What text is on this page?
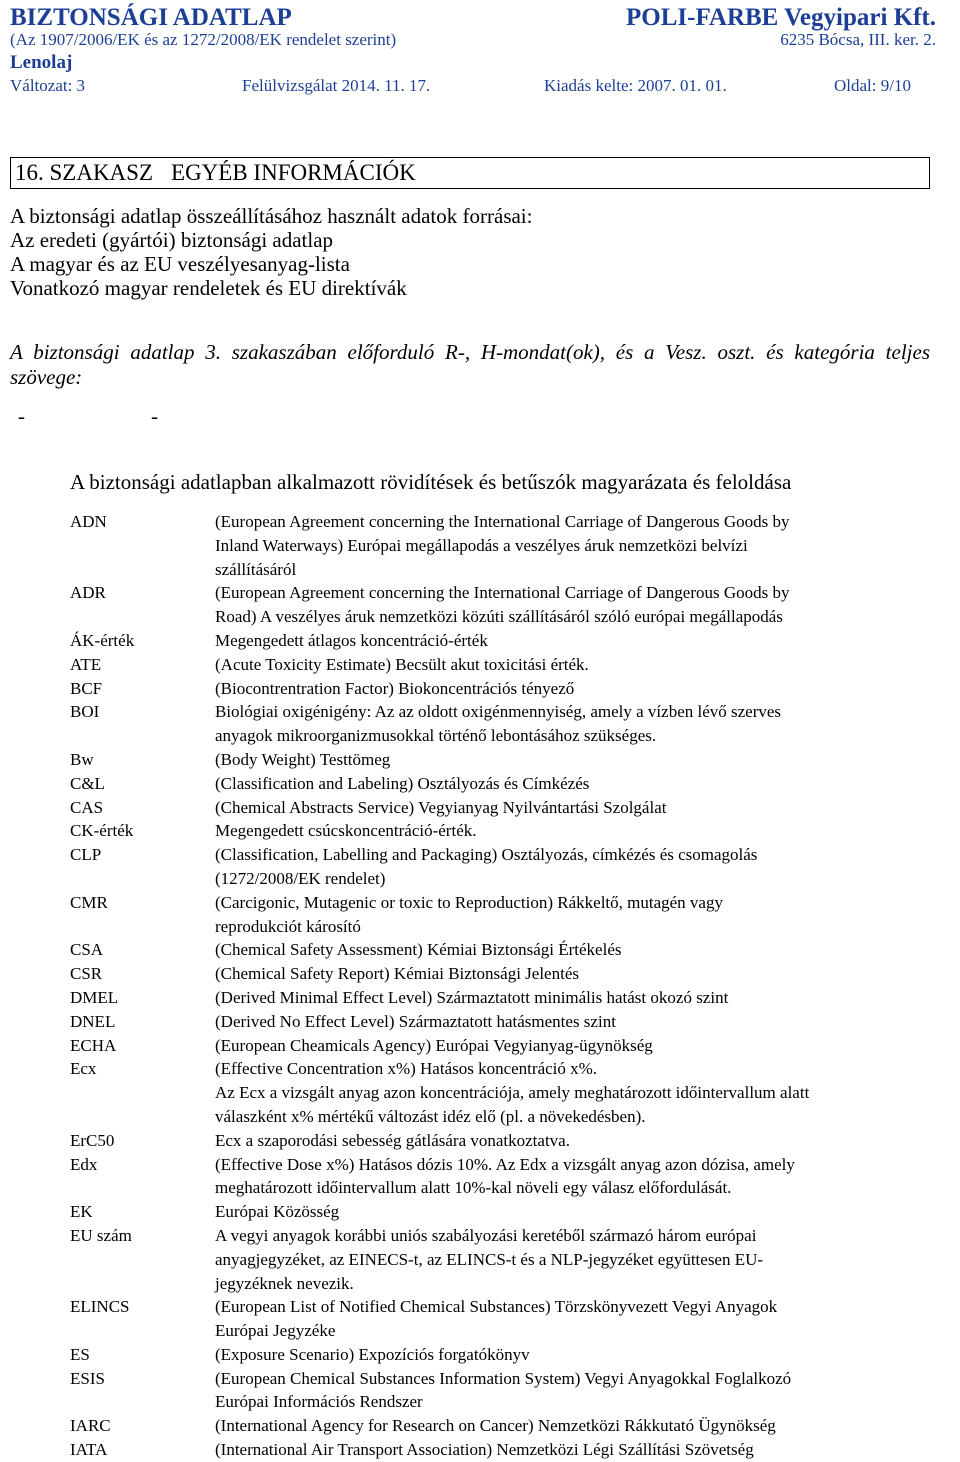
BIZTONSÁGI ADATLAP	POLI-FARBE Vegyipari Kft.
(Az 1907/2006/EK és az 1272/2008/EK rendelet szerint)	6235 Bócsa, III. ker. 2.
Lenolaj
Változat: 3	Felülvizsgálat 2014. 11. 17.	Kiadás kelte: 2007. 01. 01.	Oldal: 9/10
16. SZAKASZ EGYÉB INFORMÁCIÓK
A biztonsági adatlap összeállításához használt adatok forrásai:
Az eredeti (gyártói) biztonsági adatlap
A magyar és az EU veszélyesanyag-lista
Vonatkozó magyar rendeletek és EU direktívák
A biztonsági adatlap 3. szakaszában előforduló R-, H-mondat(ok), és a Vesz. oszt. és kategória teljes szövege:
-	-
A biztonsági adatlapban alkalmazott rövidítések és betűszók magyarázata és feloldása
ADN	(European Agreement concerning the International Carriage of Dangerous Goods by
Inland Waterways) Európai megállapodás a veszélyes áruk nemzetközi belvízi
szállításáról
ADR	(European Agreement concerning the International Carriage of Dangerous Goods by
Road) A veszélyes áruk nemzetközi közúti szállításáról szóló európai megállapodás
ÁK-érték	Megengedett átlagos koncentráció-érték
ATE	(Acute Toxicity Estimate) Becsült akut toxicitási érték.
BCF	(Biocontrentration Factor) Biokoncentrációs tényező
BOI	Biológiai oxigénigény: Az az oldott oxigénmennyiség, amely a vízben lévő szerves
anyagok mikroorganizmusokkal történő lebontásához szükséges.
Bw	(Body Weight) Testtömeg
C&L	(Classification and Labeling) Osztályozás és Címkézés
CAS	(Chemical Abstracts Service) Vegyianyag Nyilvántartási Szolgálat
CK-érték	Megengedett csúcskoncentráció-érték.
CLP	(Classification, Labelling and Packaging) Osztályozás, címkézés és csomagolás
(1272/2008/EK rendelet)
CMR	(Carcigonic, Mutagenic or toxic to Reproduction) Rákkeltő, mutagén vagy
reprodukciót károsító
CSA	(Chemical Safety Assessment) Kémiai Biztonsági Értékelés
CSR	(Chemical Safety Report) Kémiai Biztonsági Jelentés
DMEL	(Derived Minimal Effect Level) Származtatott minimális hatást okozó szint
DNEL	(Derived No Effect Level) Származtatott hatásmentes szint
ECHA	(European Cheamicals Agency) Európai Vegyianyag-ügynökség
Ecx	(Effective Concentration x%) Hatásos koncentráció x%.
Az Ecx a vizsgált anyag azon koncentrációja, amely meghatározott időintervallum alatt
válaszként x% mértékű változást idéz elő (pl. a növekedésben).
ErC50	Ecx a szaporodási sebesség gátlására vonatkoztatva.
Edx	(Effective Dose x%) Hatásos dózis 10%. Az Edx a vizsgált anyag azon dózisa, amely
meghatározott időintervallum alatt 10%-kal növeli egy válasz előfordulását.
EK	Európai Közösség
EU szám	A vegyi anyagok korábbi uniós szabályozási keretéből származó három európai
anyagjegyzéket, az EINECS-t, az ELINCS-t és a NLP-jegyzéket együttesen EU-
jegyzéknek nevezik.
ELINCS	(European List of Notified Chemical Substances) Törzskönyvezett Vegyi Anyagok
Európai Jegyzéke
ES	(Exposure Scenario) Expozíciós forgatókönyv
ESIS	(European Chemical Substances Information System) Vegyi Anyagokkal Foglalkozó
Európai Információs Rendszer
IARC	(International Agency for Research on Cancer) Nemzetközi Rákkutató Ügynökség
IATA	(International Air Transport Association) Nemzetközi Légi Szállítási Szövetség
